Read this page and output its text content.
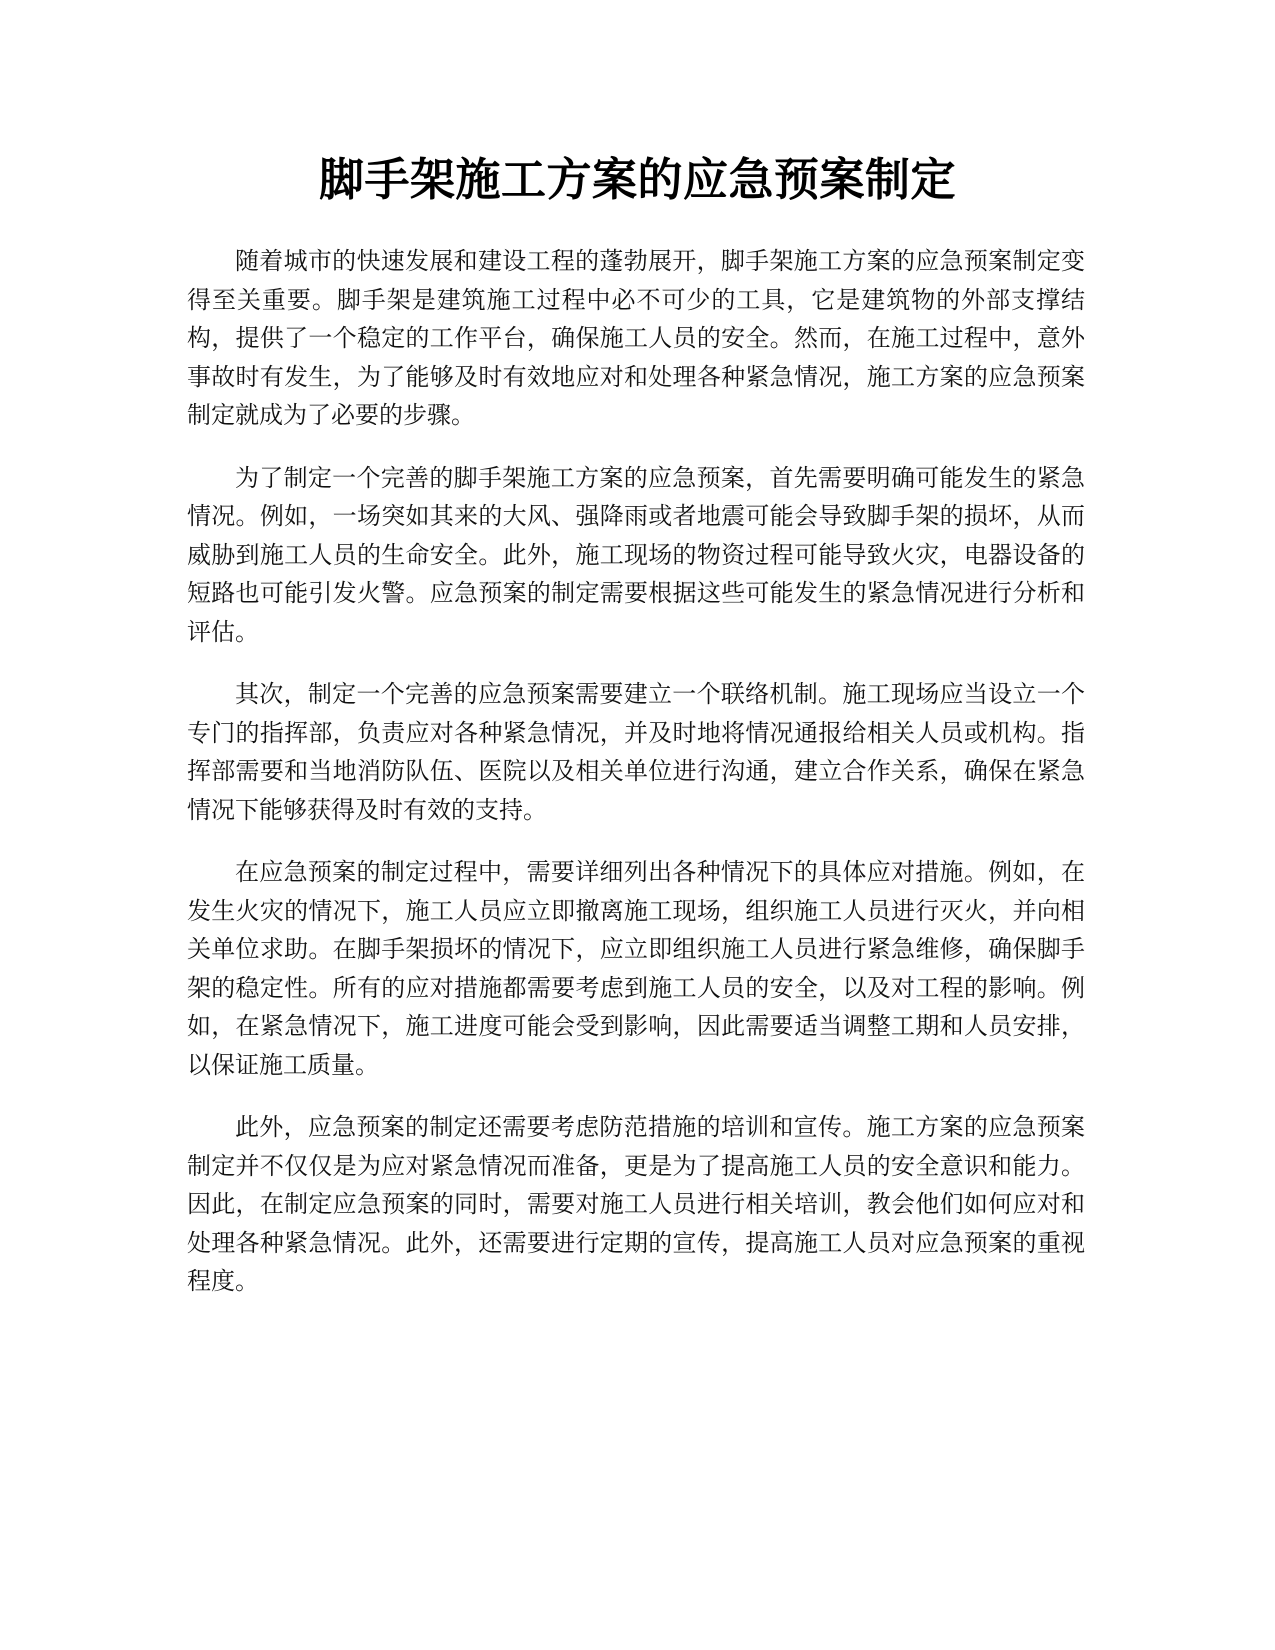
脚手架施工方案的应急预案制定

随着城市的快速发展和建设工程的蓬勃展开，脚手架施工方案的应急预案制定变得至关重要。脚手架是建筑施工过程中必不可少的工具，它是建筑物的外部支撑结构，提供了一个稳定的工作平台，确保施工人员的安全。然而，在施工过程中，意外事故时有发生，为了能够及时有效地应对和处理各种紧急情况，施工方案的应急预案制定就成为了必要的步骤。

为了制定一个完善的脚手架施工方案的应急预案，首先需要明确可能发生的紧急情况。例如，一场突如其来的大风、强降雨或者地震可能会导致脚手架的损坏，从而威胁到施工人员的生命安全。此外，施工现场的物资过程可能导致火灾，电器设备的短路也可能引发火警。应急预案的制定需要根据这些可能发生的紧急情况进行分析和评估。

其次，制定一个完善的应急预案需要建立一个联络机制。施工现场应当设立一个专门的指挥部，负责应对各种紧急情况，并及时地将情况通报给相关人员或机构。指挥部需要和当地消防队伍、医院以及相关单位进行沟通，建立合作关系，确保在紧急情况下能够获得及时有效的支持。

在应急预案的制定过程中，需要详细列出各种情况下的具体应对措施。例如，在发生火灾的情况下，施工人员应立即撤离施工现场，组织施工人员进行灭火，并向相关单位求助。在脚手架损坏的情况下，应立即组织施工人员进行紧急维修，确保脚手架的稳定性。所有的应对措施都需要考虑到施工人员的安全，以及对工程的影响。例如，在紧急情况下，施工进度可能会受到影响，因此需要适当调整工期和人员安排，以保证施工质量。

此外，应急预案的制定还需要考虑防范措施的培训和宣传。施工方案的应急预案制定并不仅仅是为应对紧急情况而准备，更是为了提高施工人员的安全意识和能力。因此，在制定应急预案的同时，需要对施工人员进行相关培训，教会他们如何应对和处理各种紧急情况。此外，还需要进行定期的宣传，提高施工人员对应急预案的重视程度。
